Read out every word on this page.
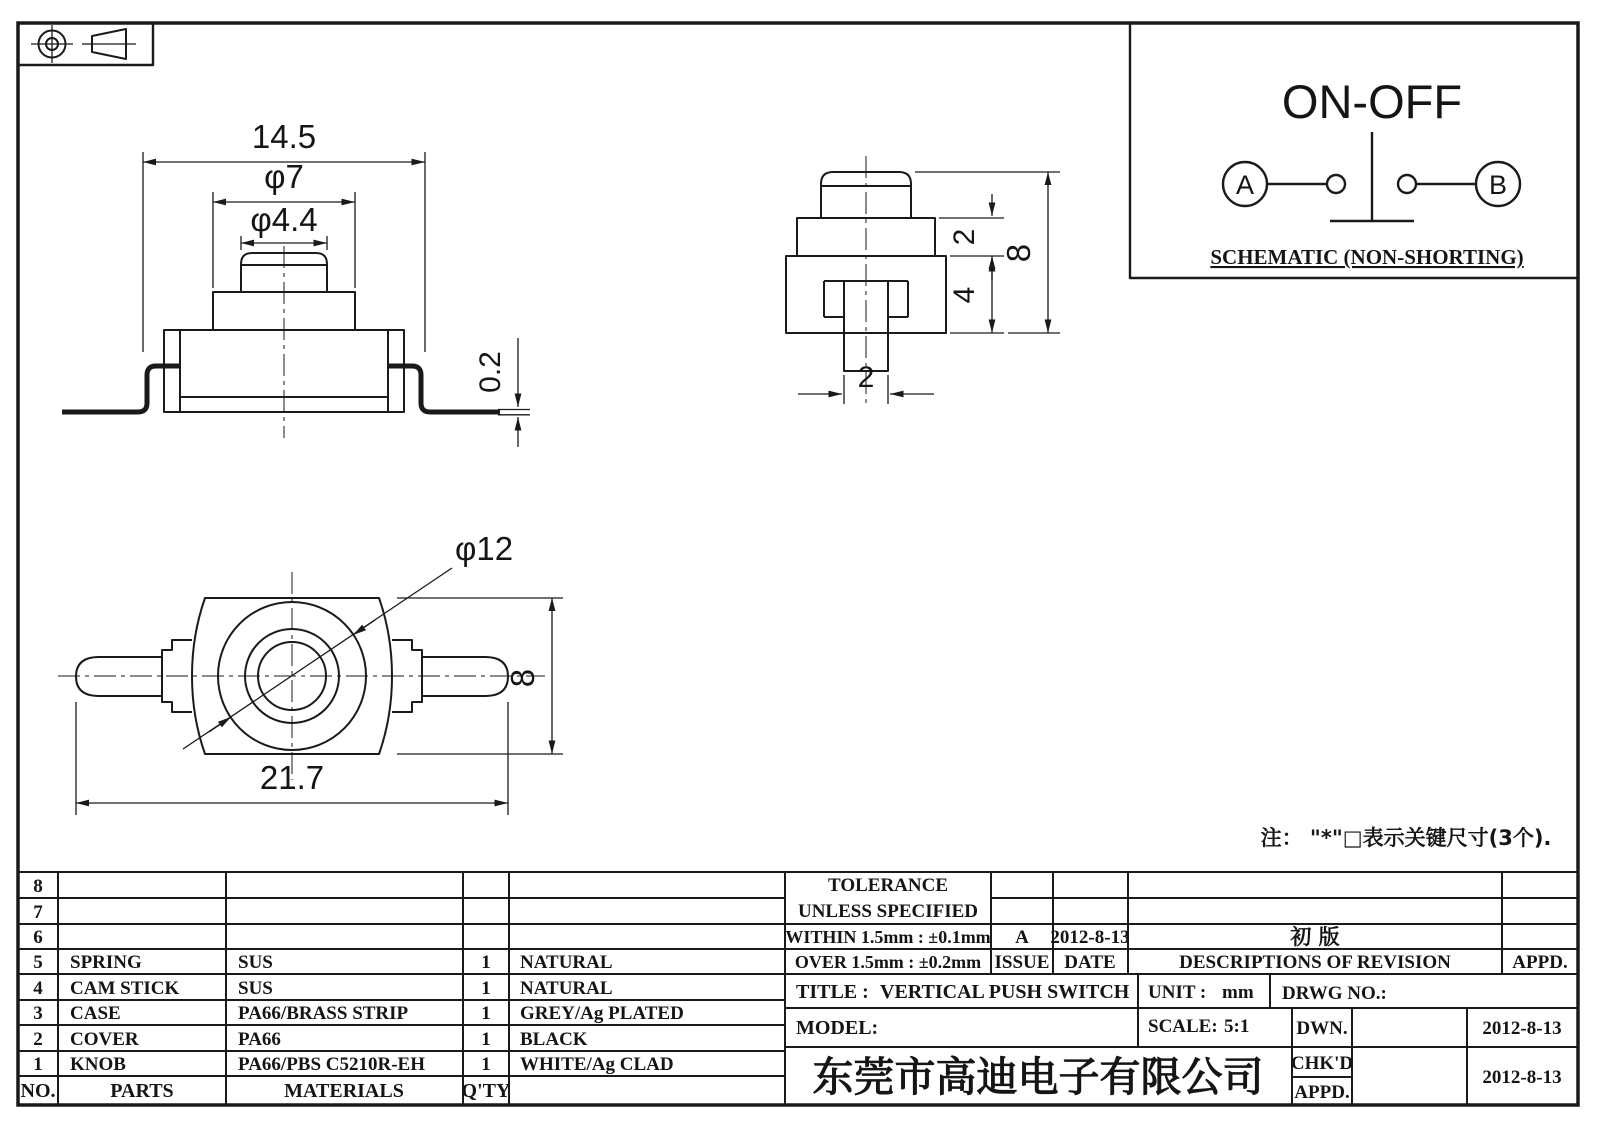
14.5
φ7
φ4.4
0.2
2
4
8
2
φ12
8
21.7
ON-OFF
A	B
SCHEMATIC (NON-SHORTING)
注： "*"□表示关键尺寸(3个).
8
7
6
5 SPRING	SUS	1 NATURAL
4 CAM STICK	SUS	1 NATURAL
3 CASE	PA66/BRASS STRIP	1 GREY/Ag PLATED
2 COVER	PA66	1 BLACK
1 KNOB	PA66/PBS C5210R-EH	1 WHITE/Ag CLAD
NO.	PARTS	MATERIALS	Q'TY
TOLERANCE
UNLESS SPECIFIED
WITHIN 1.5mm : ±0.1mm
OVER 1.5mm : ±0.2mm
A 2012-8-13	初 版
ISSUE DATE	DESCRIPTIONS OF REVISION	APPD.
TITLE : VERTICAL PUSH SWITCH UNIT : mm DRWG NO.:
MODEL:	SCALE: 5:1 DWN.
CHK'D
APPD.
2012-8-13
2012-8-13
东莞市高迪电子有限公司
